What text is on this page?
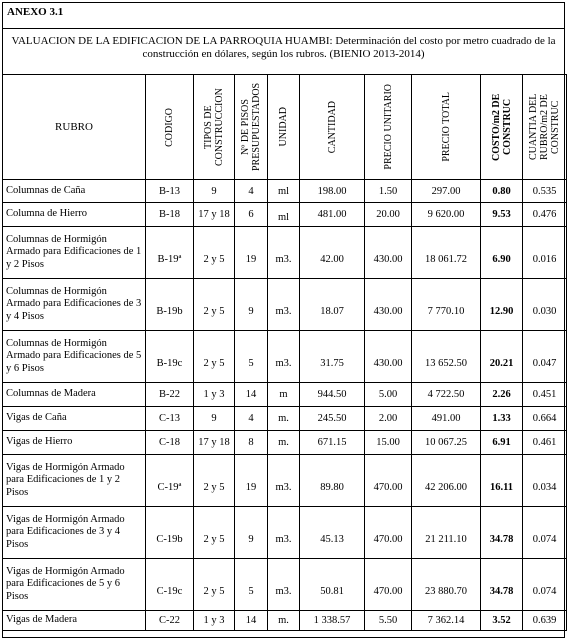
ANEXO 3.1
VALUACION DE LA EDIFICACION DE LA PARROQUIA HUAMBI: Determinación del costo por metro cuadrado de la construcción en dólares, según los rubros. (BIENIO 2013-2014)
RUBRO	CODIGO	TIPOS DE CONSTRUCCION	Nº DE PISOS PRESUPUESTADOS	UNIDAD	CANTIDAD	PRECIO UNITARIO	PRECIO TOTAL	COSTO/m2 DE CONSTRUC	CUANTIA DEL RUBRO/m2 DE CONSTRUC

Columnas de Caña	B-13	9	4	ml	198.00	1.50	297.00	0.80	0.535
Columna de Hierro	B-18	17 y 18	6	ml	481.00	20.00	9 620.00	9.53	0.476
Columnas de Hormigón Armado para Edificaciones de 1 y 2 Pisos	B-19ª	2 y 5	19	m3.	42.00	430.00	18 061.72	6.90	0.016
Columnas de Hormigón Armado para Edificaciones de 3 y 4 Pisos	B-19b	2 y 5	9	m3.	18.07	430.00	7 770.10	12.90	0.030
Columnas de Hormigón Armado para Edificaciones de 5 y 6 Pisos	B-19c	2 y 5	5	m3.	31.75	430.00	13 652.50	20.21	0.047
Columnas de Madera	B-22	1 y 3	14	m	944.50	5.00	4 722.50	2.26	0.451
Vigas de Caña	C-13	9	4	m.	245.50	2.00	491.00	1.33	0.664
Vigas de Hierro	C-18	17 y 18	8	m.	671.15	15.00	10 067.25	6.91	0.461
Vigas de Hormigón Armado para Edificaciones de 1 y 2 Pisos	C-19ª	2 y 5	19	m3.	89.80	470.00	42 206.00	16.11	0.034
Vigas de Hormigón Armado para Edificaciones de 3 y 4 Pisos	C-19b	2 y 5	9	m3.	45.13	470.00	21 211.10	34.78	0.074
Vigas de Hormigón Armado para Edificaciones de 5 y 6 Pisos	C-19c	2 y 5	5	m3.	50.81	470.00	23 880.70	34.78	0.074
Vigas de Madera	C-22	1 y 3	14	m.	1 338.57	5.50	7 362.14	3.52	0.639
